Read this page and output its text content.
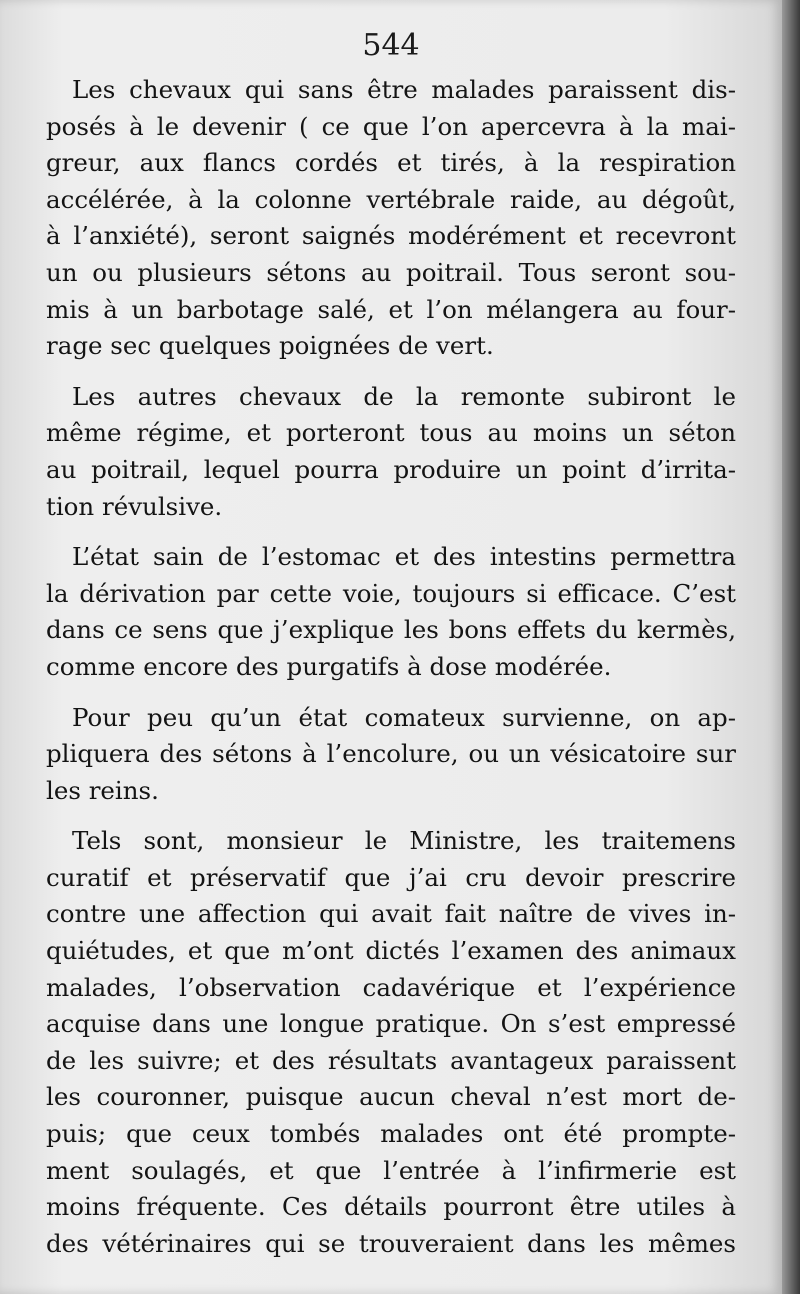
544

Les chevaux qui sans être malades paraissent dis-
posés à le devenir ( ce que l’on apercevra à la mai-
greur, aux flancs cordés et tirés, à la respiration
accélérée, à la colonne vertébrale raide, au dégoût,
à l’anxiété), seront saignés modérément et recevront
un ou plusieurs sétons au poitrail. Tous seront sou-
mis à un barbotage salé, et l’on mélangera au four-
rage sec quelques poignées de vert.

Les autres chevaux de la remonte subiront le
même régime, et porteront tous au moins un séton
au poitrail, lequel pourra produire un point d’irrita-
tion révulsive.

L’état sain de l’estomac et des intestins permettra
la dérivation par cette voie, toujours si efficace. C’est
dans ce sens que j’explique les bons effets du kermès,
comme encore des purgatifs à dose modérée.

Pour peu qu’un état comateux survienne, on ap-
pliquera des sétons à l’encolure, ou un vésicatoire sur
les reins.

Tels sont, monsieur le Ministre, les traitemens
curatif et préservatif que j’ai cru devoir prescrire
contre une affection qui avait fait naître de vives in-
quiétudes, et que m’ont dictés l’examen des animaux
malades, l’observation cadavérique et l’expérience
acquise dans une longue pratique. On s’est empressé
de les suivre; et des résultats avantageux paraissent
les couronner, puisque aucun cheval n’est mort de-
puis; que ceux tombés malades ont été prompte-
ment soulagés, et que l’entrée à l’infirmerie est
moins fréquente. Ces détails pourront être utiles à
des vétérinaires qui se trouveraient dans les mêmes
